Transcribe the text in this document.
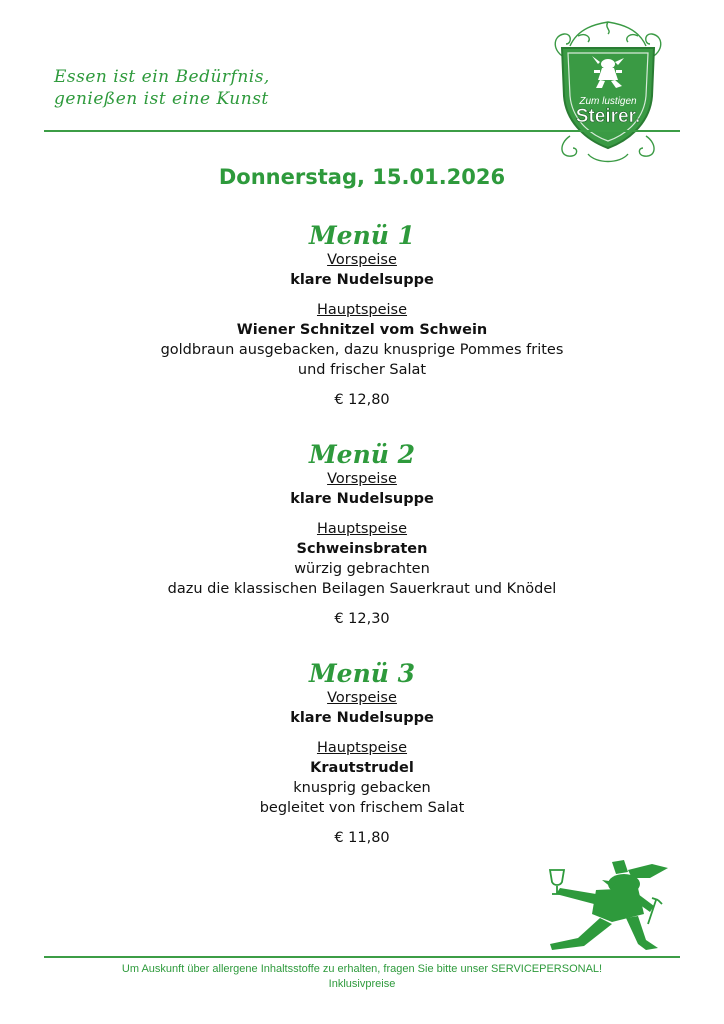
Essen ist ein Bedürfnis,
genießen ist eine Kunst	Zum lustigen
Steirer.
Donnerstag, 15.01.2026
Menü 1
Vorspeise
klare Nudelsuppe
Hauptspeise
Wiener Schnitzel vom Schwein
goldbraun ausgebacken, dazu knusprige Pommes frites
und frischer Salat
€ 12,80
Menü 2
Vorspeise
klare Nudelsuppe
Hauptspeise
Schweinsbraten
würzig gebrachten
dazu die klassischen Beilagen Sauerkraut und Knödel
€ 12,30
Menü 3
Vorspeise
klare Nudelsuppe
Hauptspeise
Krautstrudel
knusprig gebacken
begleitet von frischem Salat
€ 11,80
Um Auskunft über allergene Inhaltsstoffe zu erhalten, fragen Sie bitte unser SERVICEPERSONAL!
Inklusivpreise
